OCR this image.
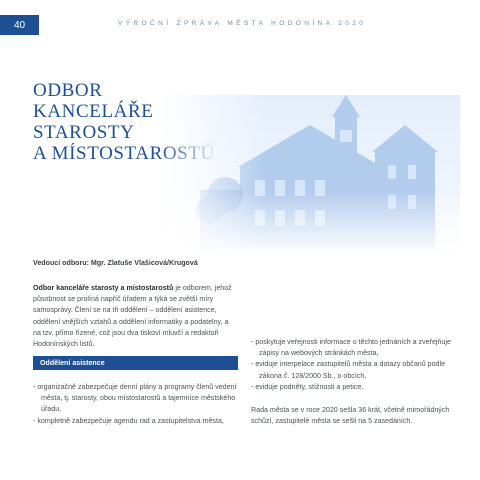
40	VÝROČNÍ ZPRÁVA MĚSTA HODONÍNA 2020
ODBOR
KANCELÁŘE
STAROSTY
A MÍSTOSTAROSTŮ
Vedoucí odboru: Mgr. Zlatuše Vlašicová/Krugová

Odbor kanceláře starosty a místostarostů je odborem, jehož působnost se prolíná napříč úřadem a týká se zvětší míry samosprávy. Člení se na tři oddělení – oddělení asistence, oddělení vnějších vztahů a oddělení informatiky a podatelny, a na tzv. přímo řízené, což jsou dva tiskoví mluvčí a redaktoři Hodonínských listů.

Oddělení asistence
- organizačně zabezpečuje denní plány a programy členů vedení města, tj. starosty, obou místostarostů a tajemníce městského úřadu,
- kompletně zabezpečuje agendu rad a zastupitelstva města,
- poskytuje veřejnosti informace o těchto jednáních a zveřejňuje zápisy na webových stránkách města,
- eviduje interpelace zastupitelů města a dotazy občanů podle zákona č. 128/2000 Sb., o obcích,
- eviduje podněty, stížnosti a petice.

Rada města se v roce 2020 sešla 36 krát, včetně mimořádných schůzí, zastupitelé města se sešli na 5 zasedáních.
